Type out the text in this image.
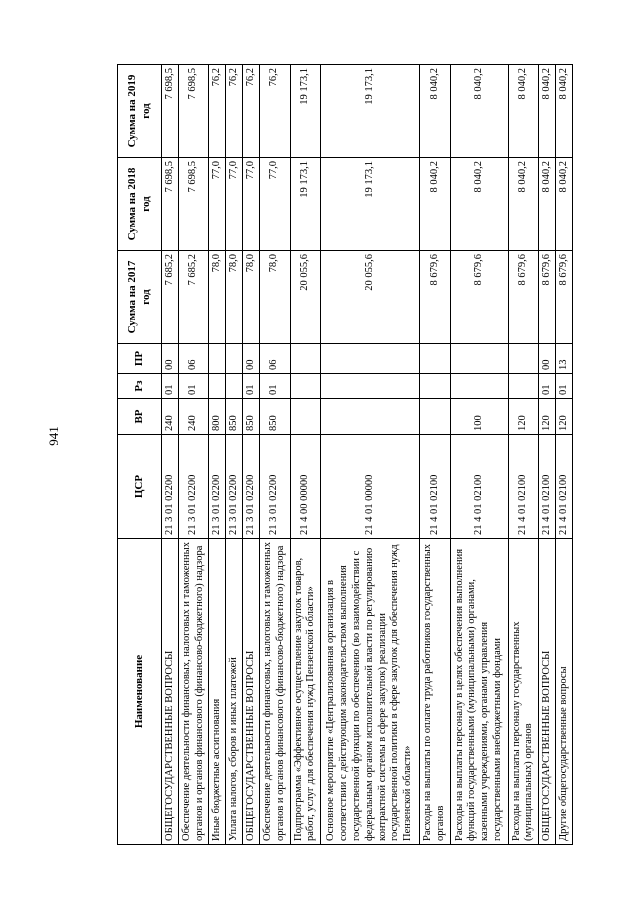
941
Наименование	ЦСР	ВР	Рз	ПР	Сумма на 2017 год	Сумма на 2018 год	Сумма на 2019 год
ОБЩЕГОСУДАРСТВЕННЫЕ ВОПРОСЫ	21 3 01 02200	240	01	00	7 685,2	7 698,5	7 698,5
Обеспечение деятельности финансовых, налоговых и таможенных органов и органов финансового (финансово-бюджетного) надзора	21 3 01 02200	240	01	06	7 685,2	7 698,5	7 698,5
Иные бюджетные ассигнования	21 3 01 02200	800			78,0	77,0	76,2
Уплата налогов, сборов и иных платежей	21 3 01 02200	850			78,0	77,0	76,2
ОБЩЕГОСУДАРСТВЕННЫЕ ВОПРОСЫ	21 3 01 02200	850	01	00	78,0	77,0	76,2
Обеспечение деятельности финансовых, налоговых и таможенных органов и органов финансового (финансово-бюджетного) надзора	21 3 01 02200	850	01	06	78,0	77,0	76,2
Подпрограмма «Эффективное осуществление закупок товаров, работ, услуг для обеспечения нужд Пензенской области»	21 4 00 00000				20 055,6	19 173,1	19 173,1
Основное мероприятие «Централизованная организация в соответствии с действующим законодательством выполнения государственной функции по обеспечению (во взаимодействии с федеральным органом исполнительной власти по регулированию контрактной системы в сфере закупок) реализации государственной политики в сфере закупок для обеспечения нужд Пензенской области»	21 4 01 00000				20 055,6	19 173,1	19 173,1
Расходы на выплаты по оплате труда работников государственных органов	21 4 01 02100				8 679,6	8 040,2	8 040,2
Расходы на выплаты персоналу в целях обеспечения выполнения функций государственными (муниципальными) органами, казенными учреждениями, органами управления государственными внебюджетными фондами	21 4 01 02100	100			8 679,6	8 040,2	8 040,2
Расходы на выплаты персоналу государственных (муниципальных) органов	21 4 01 02100	120			8 679,6	8 040,2	8 040,2
ОБЩЕГОСУДАРСТВЕННЫЕ ВОПРОСЫ	21 4 01 02100	120	01	00	8 679,6	8 040,2	8 040,2
Другие общегосударственные вопросы	21 4 01 02100	120	01	13	8 679,6	8 040,2	8 040,2
